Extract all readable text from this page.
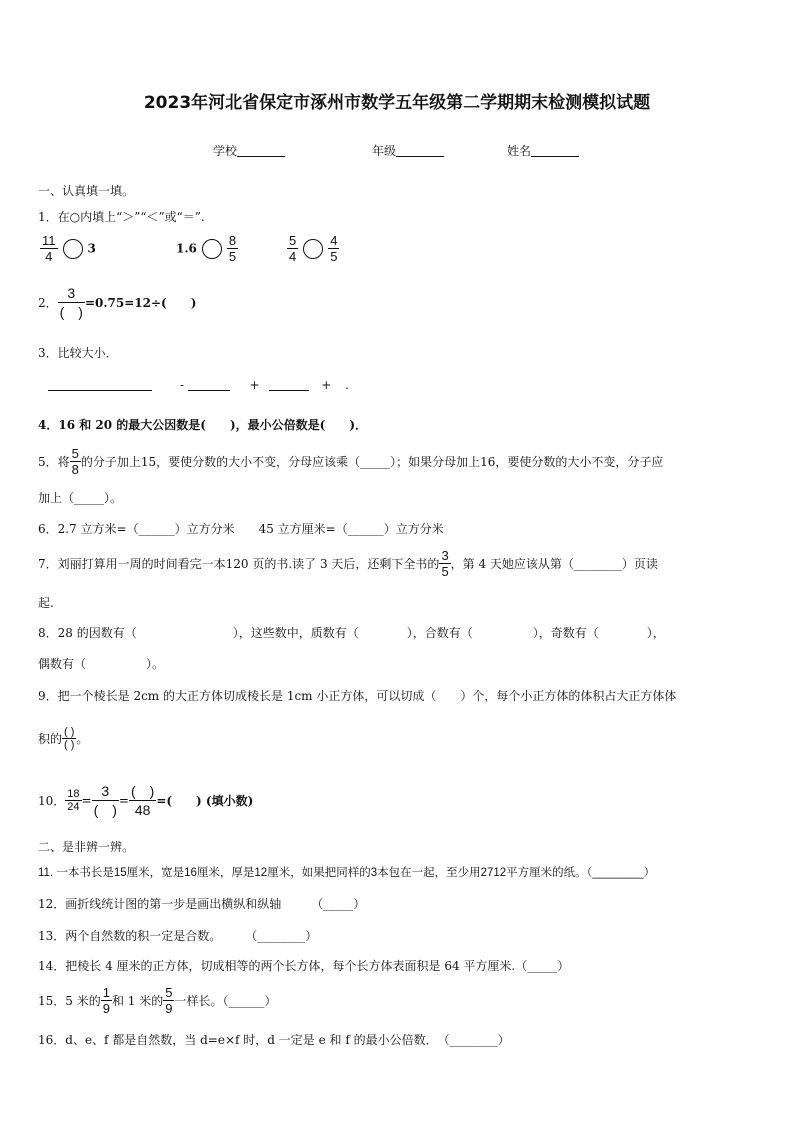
2023年河北省保定市涿州市数学五年级第二学期期末检测模拟试题
学校	年级	姓名
一、认真填一填。
1．在○内填上“＞”“＜”或“＝”.
$\frac{11}{4}$	3	$1.6 \frac{8}{5}$	$\frac{5}{4} \frac{4}{5}$
2． $\frac{3}{( )} =0.75=12\div$(　　)
3．比较大小．
-	+	+ .
4．16 和 20 的最大公因数是(　　)，最小公倍数是(　　)．
5．将 $\frac{5}{8}$ 的分子加上15，要使分数的大小不变，分母应该乘（_____）；如果分母加上16，要使分数的大小不变，分子应
加上（_____）。
6．2.7 立方米=（______）立方分米　　45 立方厘米=（______）立方分米
7．刘丽打算用一周的时间看完一本120 页的书.读了 3 天后，还剩下全书的 $\frac{3}{5}$ ，第 4 天她应该从第（________）页读
起.
8．28 的因数有（　　　　　　　　），这些数中，质数有（　　　　），合数有（　　　　　），奇数有（　　　　），
偶数有（　　　　　）。
9．把一个棱长是 2cm 的大正方体切成棱长是 1cm 小正方体，可以切成（　　）个，每个小正方体的体积占大正方体体
积的 $\frac{( )}{( )}$ 。
10． $\frac{18}{24} = \frac{3}{( )} = \frac{( )}{48}$ =(　　) (填小数)
二、是非辨一辨。
11. 一本书长是15厘米，宽是16厘米，厚是12厘米，如果把同样的3本包在一起，至少用2712平方厘米的纸。（________）
12．画折线统计图的第一步是画出横纵和纵轴　　　（_____）
13．两个自然数的积一定是合数。　　　（________）
14．把棱长 4 厘米的正方体，切成相等的两个长方体，每个长方体表面积是 64 平方厘米.（_____）
15．5 米的 $\frac{1}{9}$ 和 1 米的 $\frac{5}{9}$ 一样长。（______）
16．d、e、f 都是自然数，当 d=e×f 时，d 一定是 e 和 f 的最小公倍数．　（________）
